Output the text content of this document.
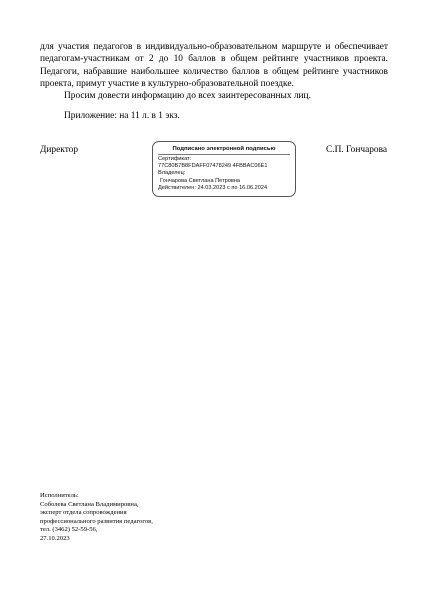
для участия педагогов в индивидуально-образовательном маршруте и обеспечивает педагогам-участникам от 2 до 10 баллов в общем рейтинге участников проекта. Педагоги, набравшие наибольшее количество баллов в общем рейтинге участников проекта, примут участие в культурно-образовательной поездке.

Просим довести информацию до всех заинтересованных лиц.

Приложение: на 11 л. в 1 экз.
Директор	С.П. Гончарова
Подписано электронной подписью
Сертификат:
77C80B7B8FDAFF07478249 4FBBAC06E1
Владелец:
Гончарова Светлана Петровна
Действителен: 24.03.2023 с по 16.06.2024
Исполнитель:
Соболева Светлана Владимировна,
эксперт отдела сопровождения
профессионального развития педагогов,
тел. (3462) 52-59-56,
27.10.2023
